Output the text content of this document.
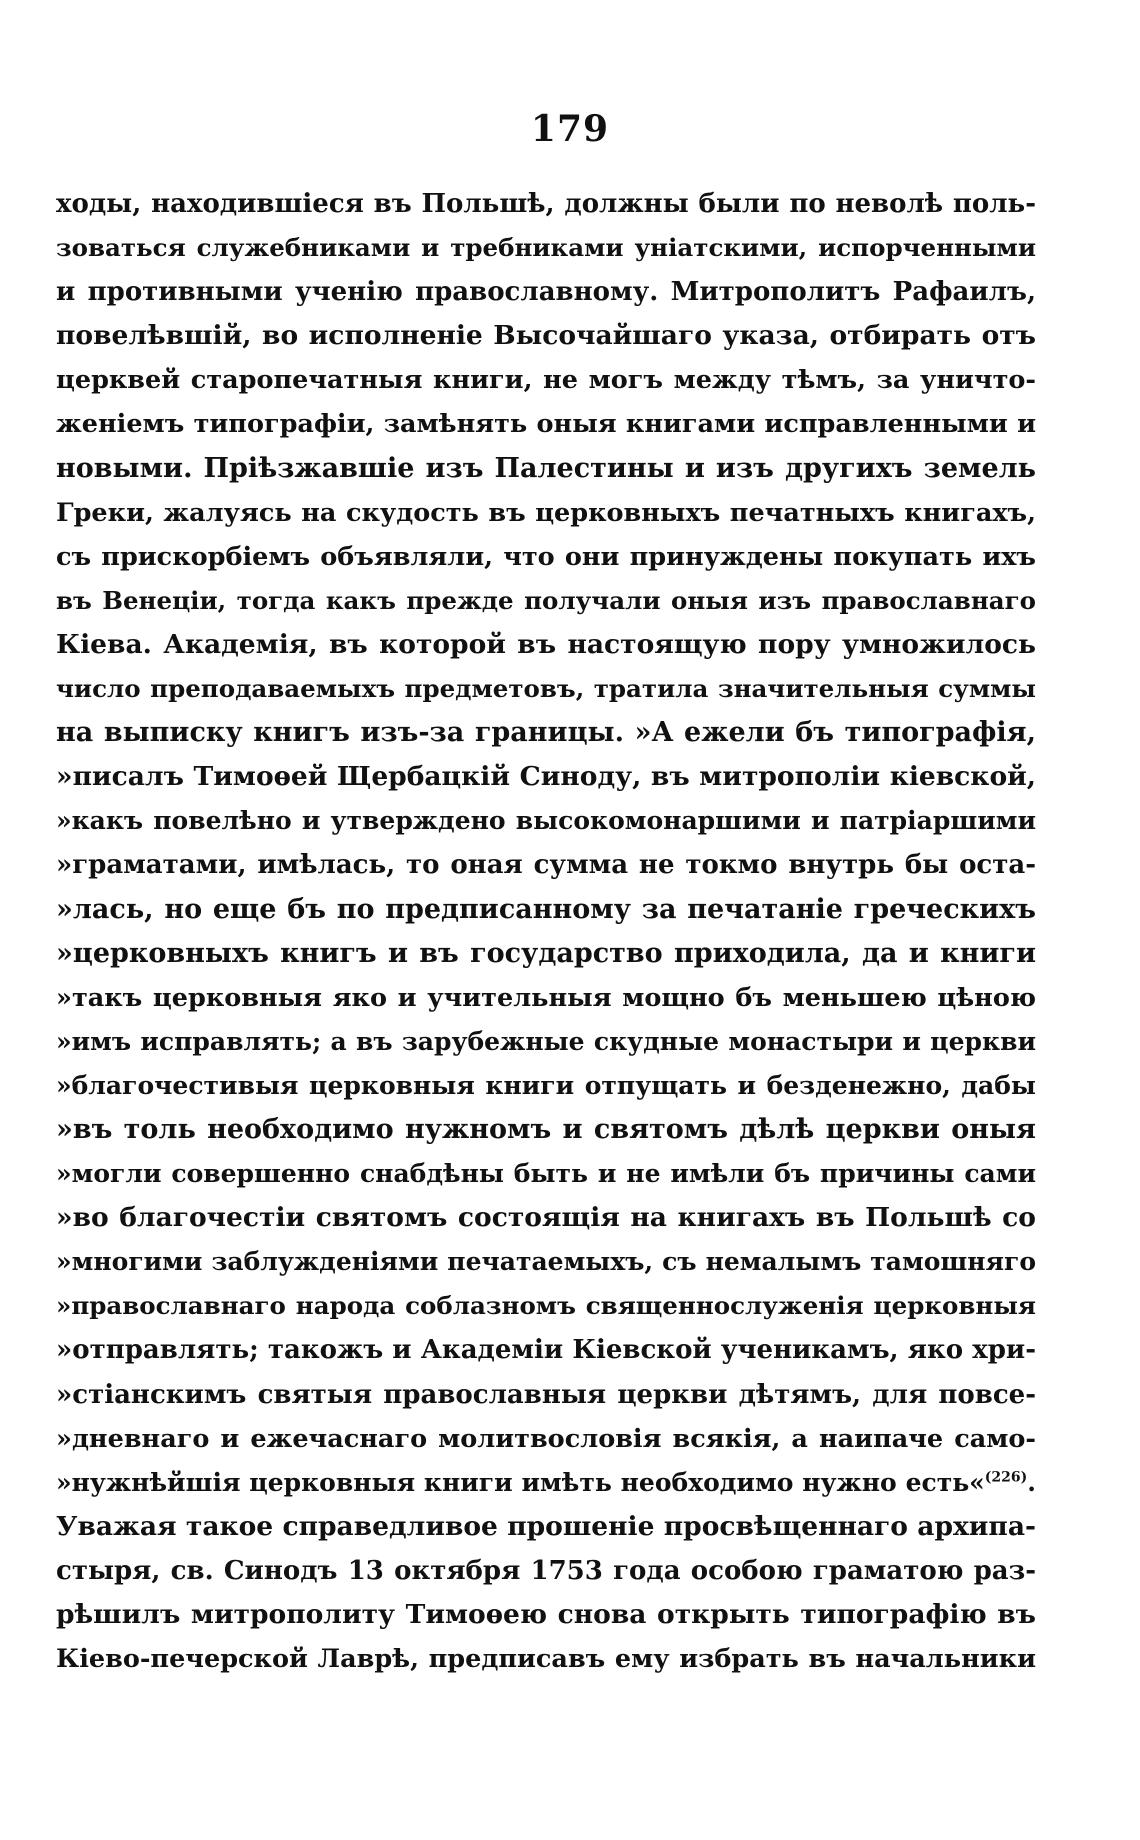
179
ходы, находившіеся въ Польшѣ, должны были по неволѣ поль-
зоваться служебниками и требниками уніатскими, испорченными
и противными ученію православному. Митрополитъ Рафаилъ,
повелѣвшій, во исполненіе Высочайшаго указа, отбирать отъ
церквей старопечатныя книги, не могъ между тѣмъ, за уничто-
женіемъ типографіи, замѣнять оныя книгами исправленными и
новыми. Пріѣзжавшіе изъ Палестины и изъ другихъ земель
Греки, жалуясь на скудость въ церковныхъ печатныхъ книгахъ,
съ прискорбіемъ объявляли, что они принуждены покупать ихъ
въ Венеціи, тогда какъ прежде получали оныя изъ православнаго
Кіева. Академія, въ которой въ настоящую пору умножилось
число преподаваемыхъ предметовъ, тратила значительныя суммы
на выписку книгъ изъ-за границы. »А ежели бъ типографія,
»писалъ Тимоѳей Щербацкій Синоду, въ митрополіи кіевской,
»какъ повелѣно и утверждено высокомонаршими и патріаршими
»граматами, имѣлась, то оная сумма не токмо внутрь бы оста-
»лась, но еще бъ по предписанному за печатаніе греческихъ
»церковныхъ книгъ и въ государство приходила, да и книги
»такъ церковныя яко и учительныя мощно бъ меньшею цѣною
»имъ исправлять; а въ зарубежные скудные монастыри и церкви
»благочестивыя церковныя книги отпущать и безденежно, дабы
»въ толь необходимо нужномъ и святомъ дѣлѣ церкви оныя
»могли совершенно снабдѣны быть и не имѣли бъ причины сами
»во благочестіи святомъ состоящія на книгахъ въ Польшѣ со
»многими заблужденіями печатаемыхъ, съ немалымъ тамошняго
»православнаго народа соблазномъ священнослуженія церковныя
»отправлять; такожъ и Академіи Кіевской ученикамъ, яко хри-
»стіанскимъ святыя православныя церкви дѣтямъ, для повсе-
»дневнаго и ежечаснаго молитвословія всякія, а наипаче само-
»нужнѣйшія церковныя книги имѣть необходимо нужно есть«$^{(226)}$.
Уважая такое справедливое прошеніе просвѣщеннаго архипа-
стыря, св. Синодъ 13 октября 1753 года особою граматою раз-
рѣшилъ митрополиту Тимоѳею снова открыть типографію въ
Кіево-печерской Лаврѣ, предписавъ ему избрать въ начальники
